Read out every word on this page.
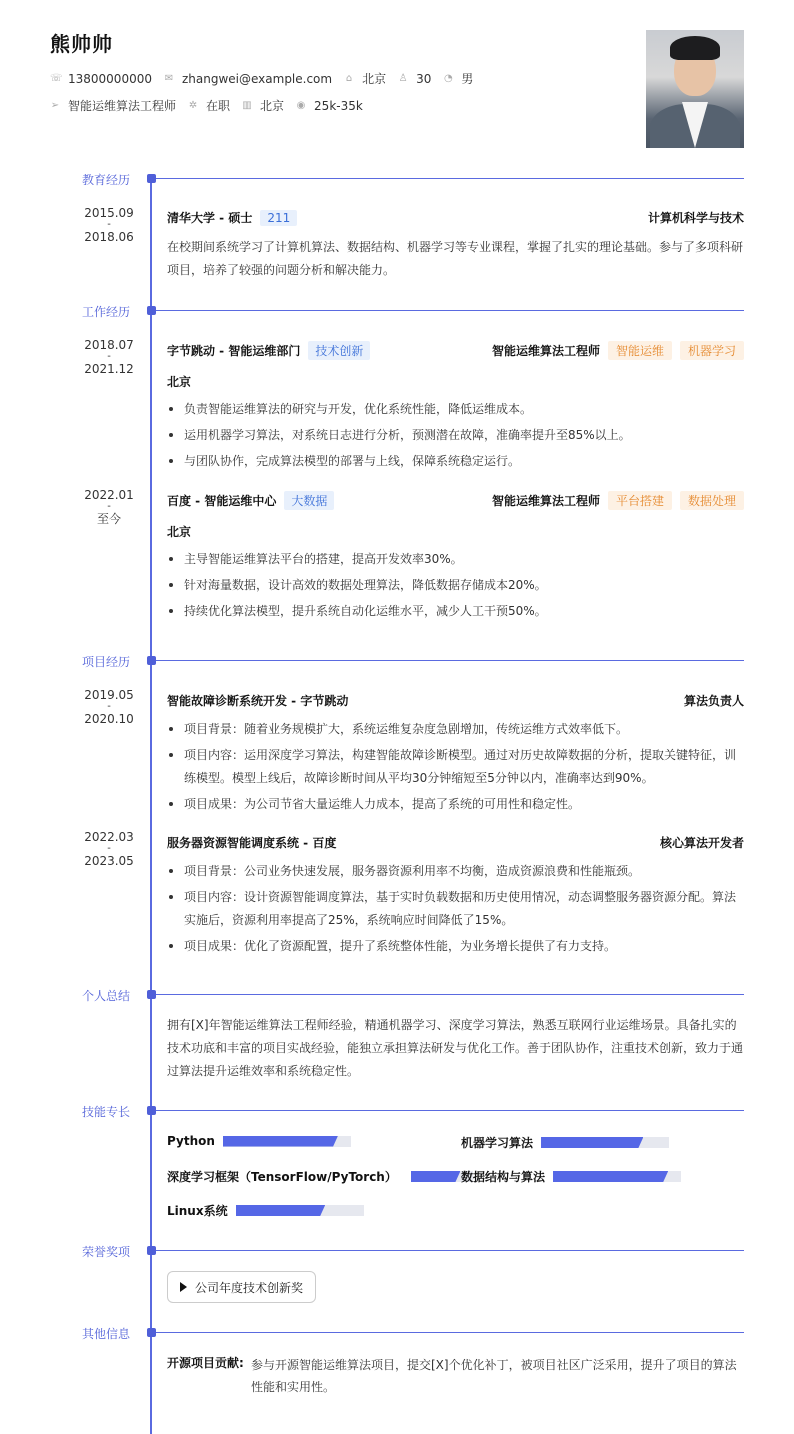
熊帅帅
☏ 13800000000 ✉ zhangwei@example.com ⌂ 北京 ♙ 30 ◔ 男
➢ 智能运维算法工程师 ✲ 在职 ▥ 北京 ◉ 25k-35k
教育经历
2015.09
-
2018.06
清华大学 - 硕士	211	计算机科学与技术
在校期间系统学习了计算机算法、数据结构、机器学习等专业课程，掌握了扎实的理论基础。参与了多项科研项目，培养了较强的问题分析和解决能力。
工作经历
2018.07
-
2021.12
字节跳动 - 智能运维部门	技术创新	智能运维算法工程师	智能运维	机器学习
北京
负责智能运维算法的研究与开发，优化系统性能，降低运维成本。
运用机器学习算法，对系统日志进行分析，预测潜在故障，准确率提升至85%以上。
与团队协作，完成算法模型的部署与上线，保障系统稳定运行。
2022.01
-
至今
百度 - 智能运维中心	大数据	智能运维算法工程师	平台搭建	数据处理
北京
主导智能运维算法平台的搭建，提高开发效率30%。
针对海量数据，设计高效的数据处理算法，降低数据存储成本20%。
持续优化算法模型，提升系统自动化运维水平，减少人工干预50%。
项目经历
2019.05
-
2020.10
智能故障诊断系统开发 - 字节跳动	算法负责人
项目背景：随着业务规模扩大，系统运维复杂度急剧增加，传统运维方式效率低下。
项目内容：运用深度学习算法，构建智能故障诊断模型。通过对历史故障数据的分析，提取关键特征，训练模型。模型上线后，故障诊断时间从平均30分钟缩短至5分钟以内，准确率达到90%。
项目成果：为公司节省大量运维人力成本，提高了系统的可用性和稳定性。
2022.03
-
2023.05
服务器资源智能调度系统 - 百度	核心算法开发者
项目背景：公司业务快速发展，服务器资源利用率不均衡，造成资源浪费和性能瓶颈。
项目内容：设计资源智能调度算法，基于实时负载数据和历史使用情况，动态调整服务器资源分配。算法实施后，资源利用率提高了25%，系统响应时间降低了15%。
项目成果：优化了资源配置，提升了系统整体性能，为业务增长提供了有力支持。
个人总结
拥有[X]年智能运维算法工程师经验，精通机器学习、深度学习算法，熟悉互联网行业运维场景。具备扎实的技术功底和丰富的项目实战经验，能独立承担算法研发与优化工作。善于团队协作，注重技术创新，致力于通过算法提升运维效率和系统稳定性。
技能专长
Python	机器学习算法
深度学习框架（TensorFlow/PyTorch）	数据结构与算法
Linux系统
荣誉奖项
公司年度技术创新奖
其他信息
开源项目贡献: 参与开源智能运维算法项目，提交[X]个优化补丁，被项目社区广泛采用，提升了项目的算法性能和实用性。
